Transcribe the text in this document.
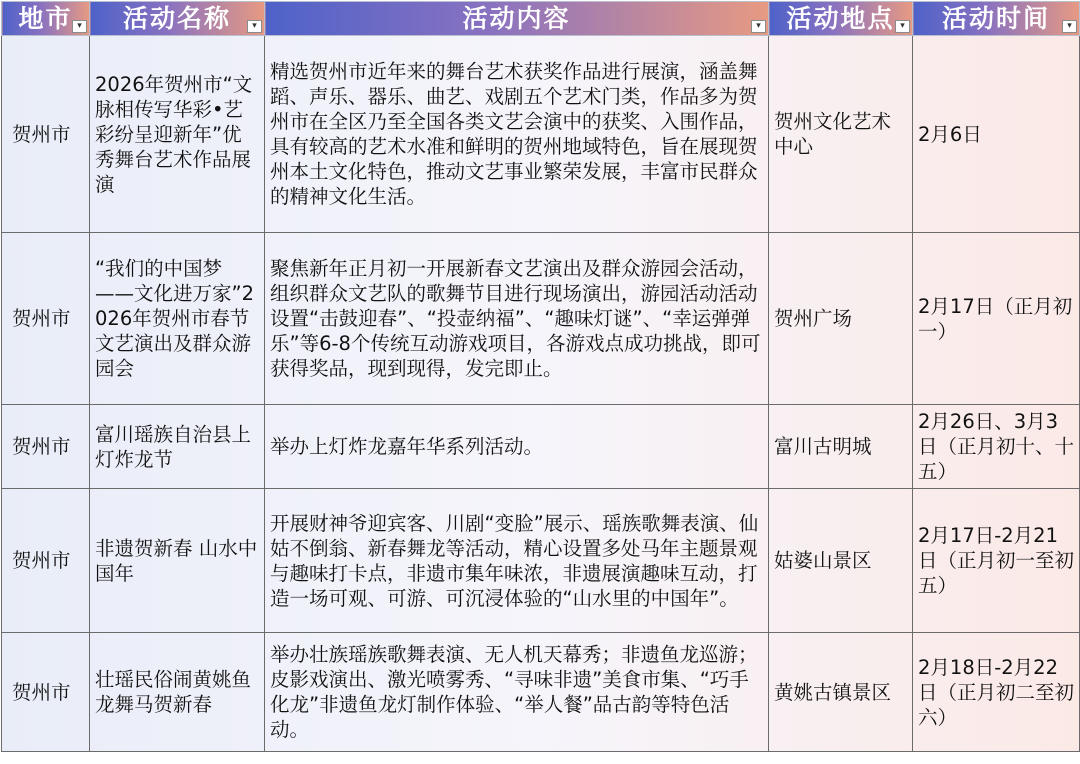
地市 ▾	活动名称 ▾	活动内容 ▾	活动地点 ▾	活动时间 ▾

贺州市	2026年贺州市“文脉相传写华彩•艺彩纷呈迎新年”优秀舞台艺术作品展演	精选贺州市近年来的舞台艺术获奖作品进行展演，涵盖舞蹈、声乐、器乐、曲艺、戏剧五个艺术门类，作品多为贺州市在全区乃至全国各类文艺会演中的获奖、入围作品，具有较高的艺术水准和鲜明的贺州地域特色，旨在展现贺州本土文化特色，推动文艺事业繁荣发展，丰富市民群众的精神文化生活。	贺州文化艺术中心	2月6日
贺州市	“我们的中国梦——文化进万家”2026年贺州市春节文艺演出及群众游园会	聚焦新年正月初一开展新春文艺演出及群众游园会活动，组织群众文艺队的歌舞节目进行现场演出，游园活动活动设置“击鼓迎春”、“投壶纳福”、“趣味灯谜”、“幸运弹弹乐”等6-8个传统互动游戏项目，各游戏点成功挑战，即可获得奖品，现到现得，发完即止。	贺州广场	2月17日（正月初一）
贺州市	富川瑶族自治县上灯炸龙节	举办上灯炸龙嘉年华系列活动。	富川古明城	2月26日、3月3日（正月初十、十五）
贺州市	非遗贺新春 山水中国年	开展财神爷迎宾客、川剧“变脸”展示、瑶族歌舞表演、仙姑不倒翁、新春舞龙等活动，精心设置多处马年主题景观与趣味打卡点，非遗市集年味浓，非遗展演趣味互动，打造一场可观、可游、可沉浸体验的“山水里的中国年”。	姑婆山景区	2月17日-2月21日（正月初一至初五）
贺州市	壮瑶民俗闹黄姚鱼龙舞马贺新春	举办壮族瑶族歌舞表演、无人机天幕秀；非遗鱼龙巡游；皮影戏演出、激光喷雾秀、“寻味非遗”美食市集、“巧手化龙”非遗鱼龙灯制作体验、“举人餐”品古韵等特色活动。	黄姚古镇景区	2月18日-2月22日（正月初二至初六）
